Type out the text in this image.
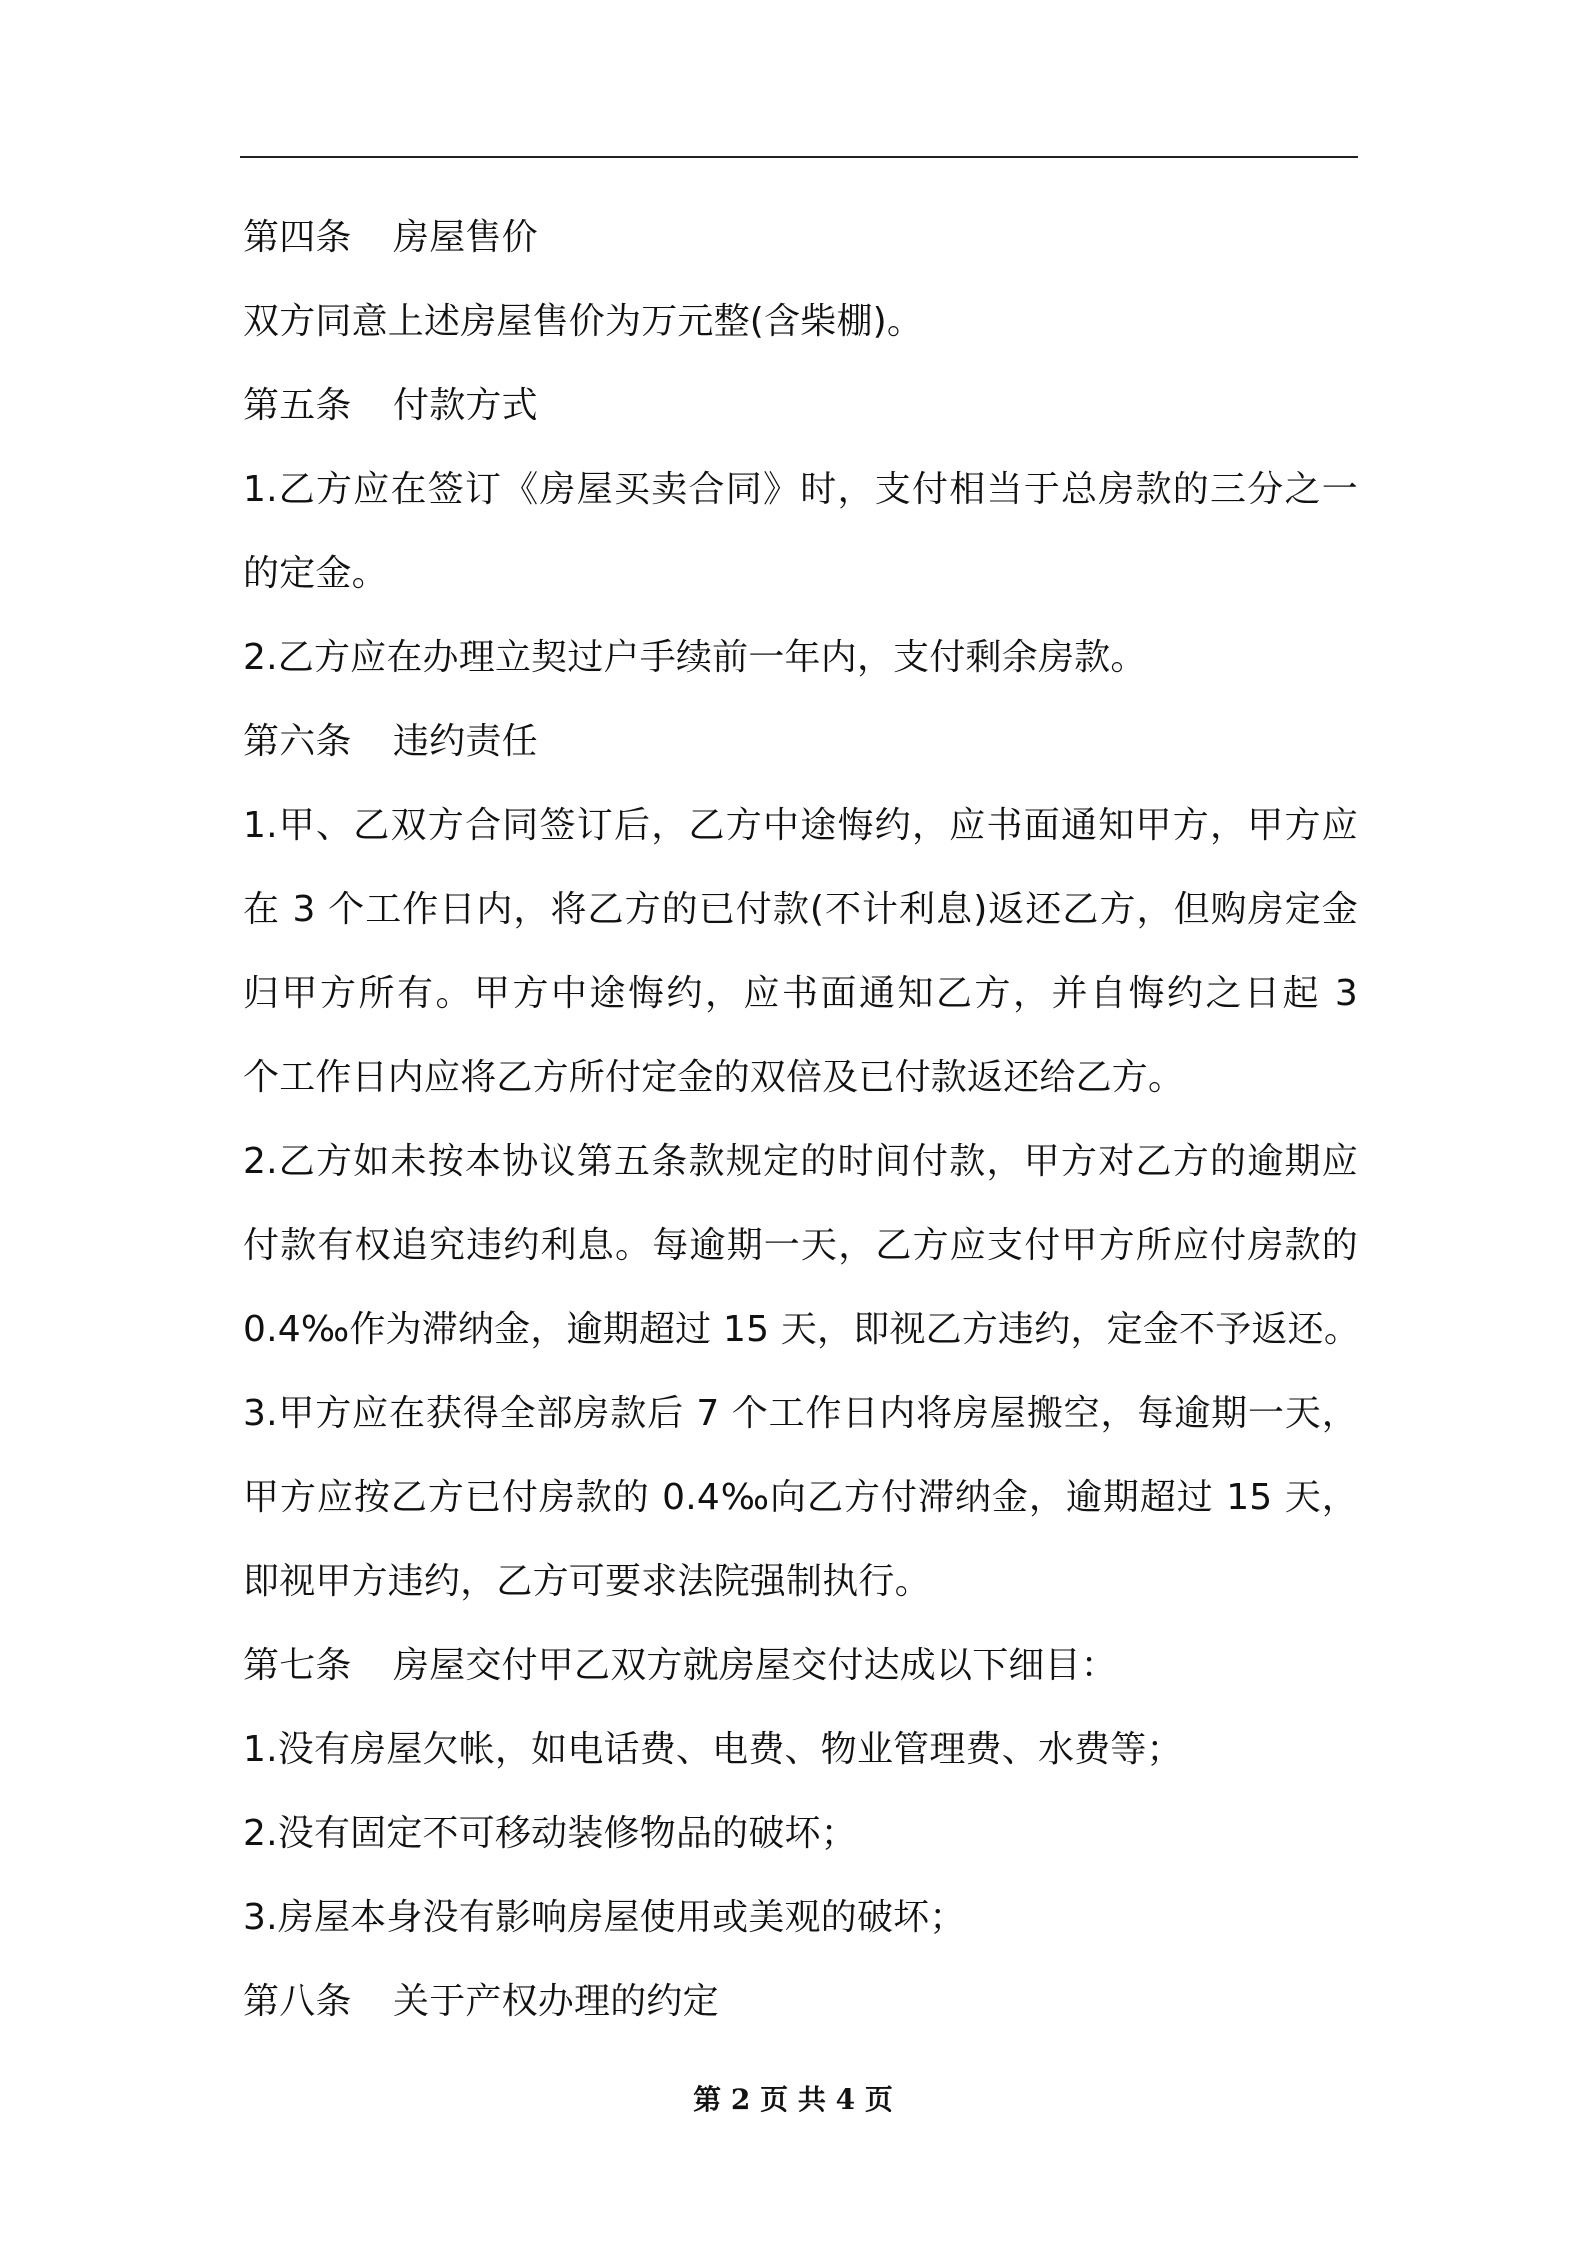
第四条 房屋售价
双方同意上述房屋售价为万元整(含柴棚)。
第五条 付款方式
1.乙方应在签订《房屋买卖合同》时，支付相当于总房款的三分之一
的定金。
2.乙方应在办理立契过户手续前一年内，支付剩余房款。
第六条 违约责任
1.甲、乙双方合同签订后，乙方中途悔约，应书面通知甲方，甲方应
在 3 个工作日内，将乙方的已付款(不计利息)返还乙方，但购房定金
归甲方所有。甲方中途悔约，应书面通知乙方，并自悔约之日起 3
个工作日内应将乙方所付定金的双倍及已付款返还给乙方。
2.乙方如未按本协议第五条款规定的时间付款，甲方对乙方的逾期应
付款有权追究违约利息。每逾期一天，乙方应支付甲方所应付房款的
0.4‰作为滞纳金，逾期超过 15 天，即视乙方违约，定金不予返还。
3.甲方应在获得全部房款后 7 个工作日内将房屋搬空，每逾期一天，
甲方应按乙方已付房款的 0.4‰向乙方付滞纳金，逾期超过 15 天，
即视甲方违约，乙方可要求法院强制执行。
第七条 房屋交付甲乙双方就房屋交付达成以下细目：
1.没有房屋欠帐，如电话费、电费、物业管理费、水费等；
2.没有固定不可移动装修物品的破坏；
3.房屋本身没有影响房屋使用或美观的破坏；
第八条 关于产权办理的约定
第 2 页 共 4 页
